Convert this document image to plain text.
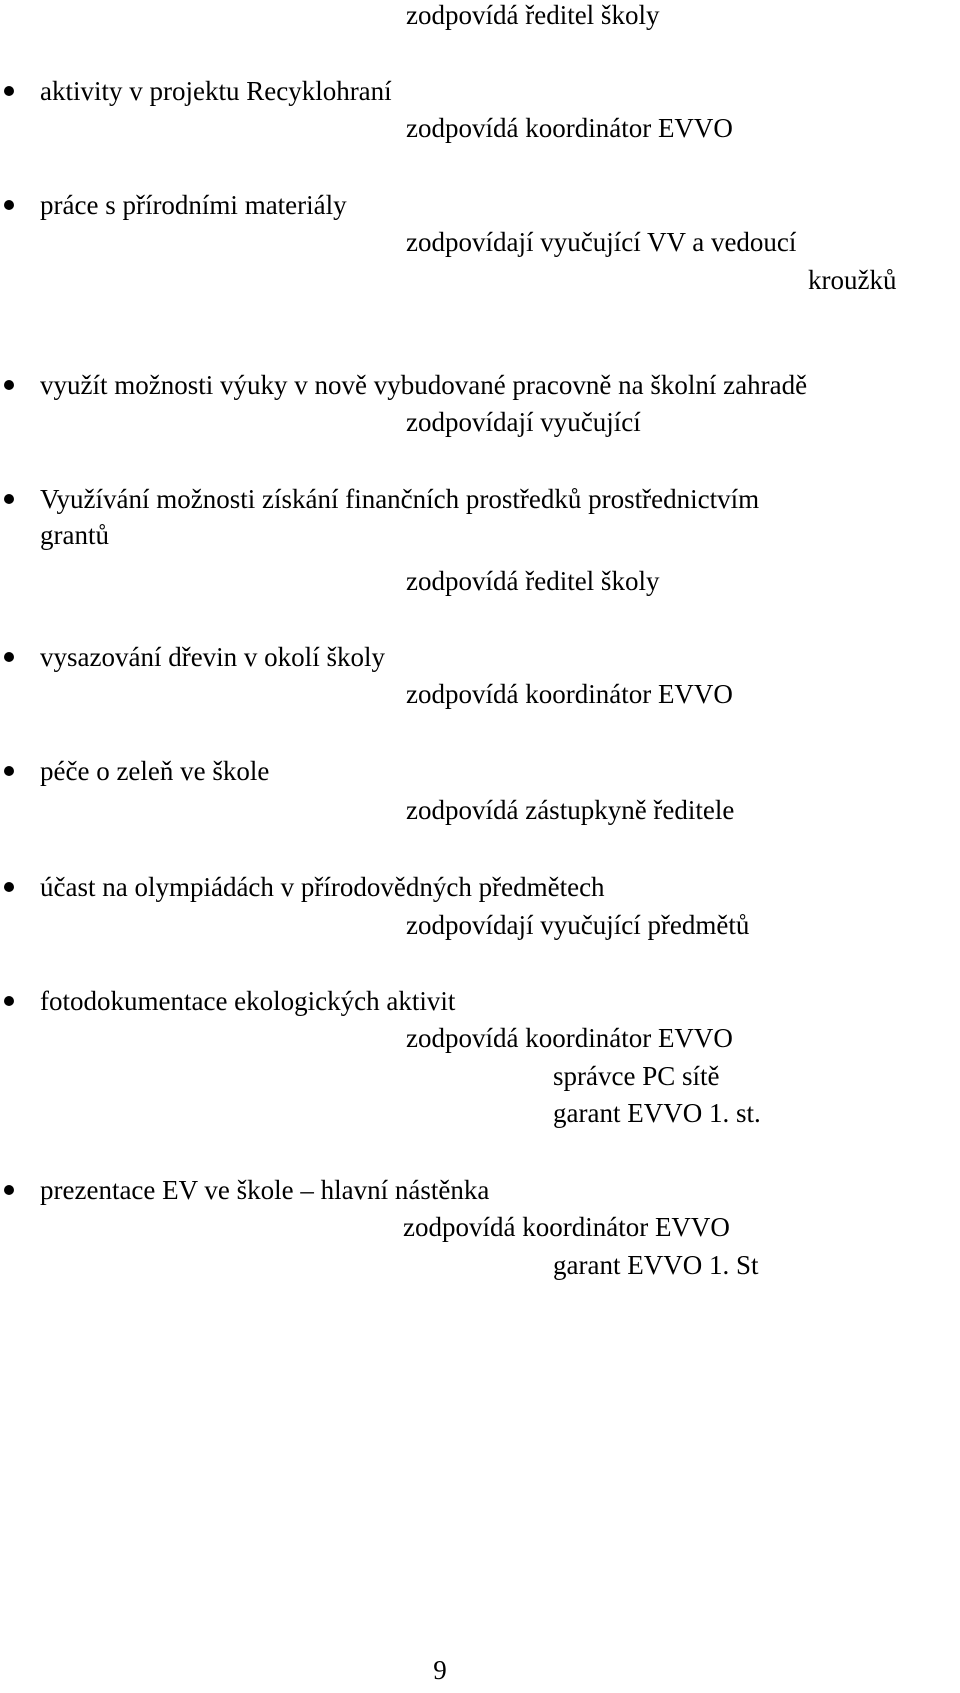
zodpovídá ředitel školy

aktivity v projektu Recyklohraní

zodpovídá koordinátor EVVO

práce s přírodními materiály

zodpovídají vyučující VV a vedoucí

kroužků

využít možnosti výuky v nově vybudované pracovně na školní zahradě

zodpovídají vyučující

Využívání možnosti získání finančních prostředků prostřednictvím

grantů

zodpovídá ředitel školy

vysazování dřevin v okolí školy

zodpovídá koordinátor EVVO

péče o zeleň ve škole

zodpovídá zástupkyně ředitele

účast na olympiádách v přírodovědných předmětech

zodpovídají vyučující předmětů

fotodokumentace ekologických aktivit

zodpovídá koordinátor EVVO

správce PC sítě

garant EVVO 1. st.

prezentace EV ve škole – hlavní nástěnka

zodpovídá koordinátor EVVO

garant EVVO 1. St

9
